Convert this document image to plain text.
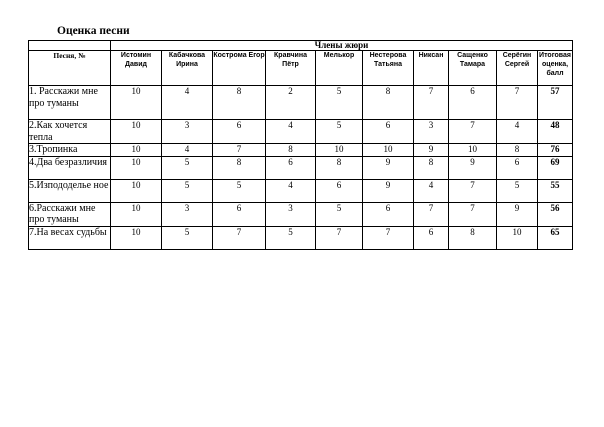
Оценка песни
	Члены жюри									
Песня, №	Истомин Давид	Кабачкова Ирина	Кострома Егор	Кравчина Пётр	Мелькор	Нестерова Татьяна	Никсан	Сащенко Тамара	Серёгин Сергей	Итоговая оценка, балл
1. Расскажи мне про туманы	10	4	8	2	5	8	7	6	7	57
2.Как хочется тепла	10	3	6	4	5	6	3	7	4	48
3.Тропинка	10	4	7	8	10	10	9	10	8	76
4.Два безразличия	10	5	8	6	8	9	8	9	6	69
5.Изпододелье ное	10	5	5	4	6	9	4	7	5	55
6.Расскажи мне про туманы	10	3	6	3	5	6	7	7	9	56
7.На весах судьбы	10	5	7	5	7	7	6	8	10	65
